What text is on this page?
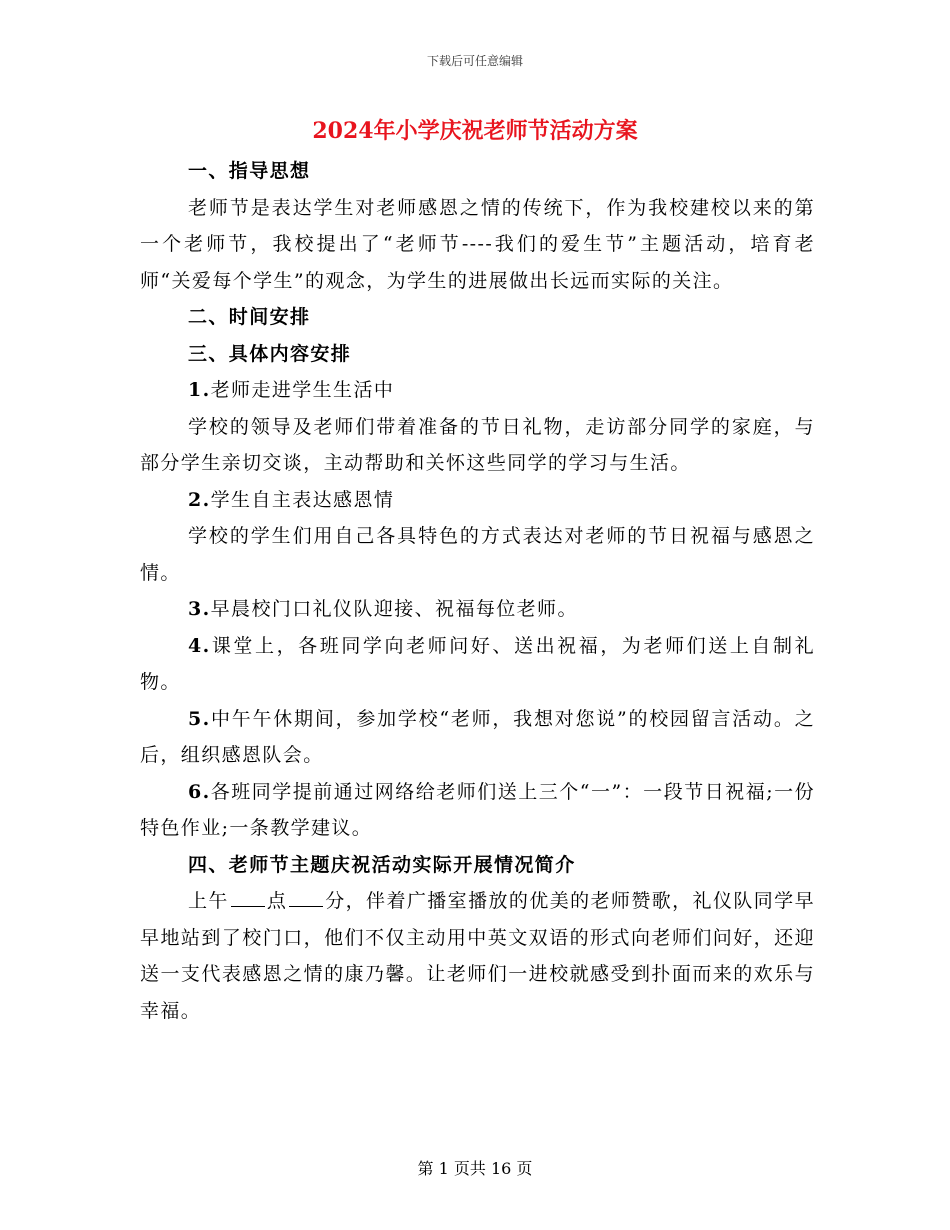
下载后可任意编辑
2024年小学庆祝老师节活动方案

一、指导思想

老师节是表达学生对老师感恩之情的传统下，作为我校建校以来的第一个老师节，我校提出了“老师节----我们的爱生节”主题活动，培育老师“关爱每个学生”的观念，为学生的进展做出长远而实际的关注。

二、时间安排

三、具体内容安排

1.老师走进学生生活中

学校的领导及老师们带着准备的节日礼物，走访部分同学的家庭，与部分学生亲切交谈，主动帮助和关怀这些同学的学习与生活。

2.学生自主表达感恩情

学校的学生们用自己各具特色的方式表达对老师的节日祝福与感恩之情。

3.早晨校门口礼仪队迎接、祝福每位老师。

4.课堂上，各班同学向老师问好、送出祝福，为老师们送上自制礼物。

5.中午午休期间，参加学校“老师，我想对您说”的校园留言活动。之后，组织感恩队会。

6.各班同学提前通过网络给老师们送上三个“一”：一段节日祝福;一份特色作业;一条教学建议。

四、老师节主题庆祝活动实际开展情况简介

上午 点 分，伴着广播室播放的优美的老师赞歌，礼仪队同学早早地站到了校门口，他们不仅主动用中英文双语的形式向老师们问好，还迎送一支代表感恩之情的康乃馨。让老师们一进校就感受到扑面而来的欢乐与幸福。

第 1 页共 16 页
